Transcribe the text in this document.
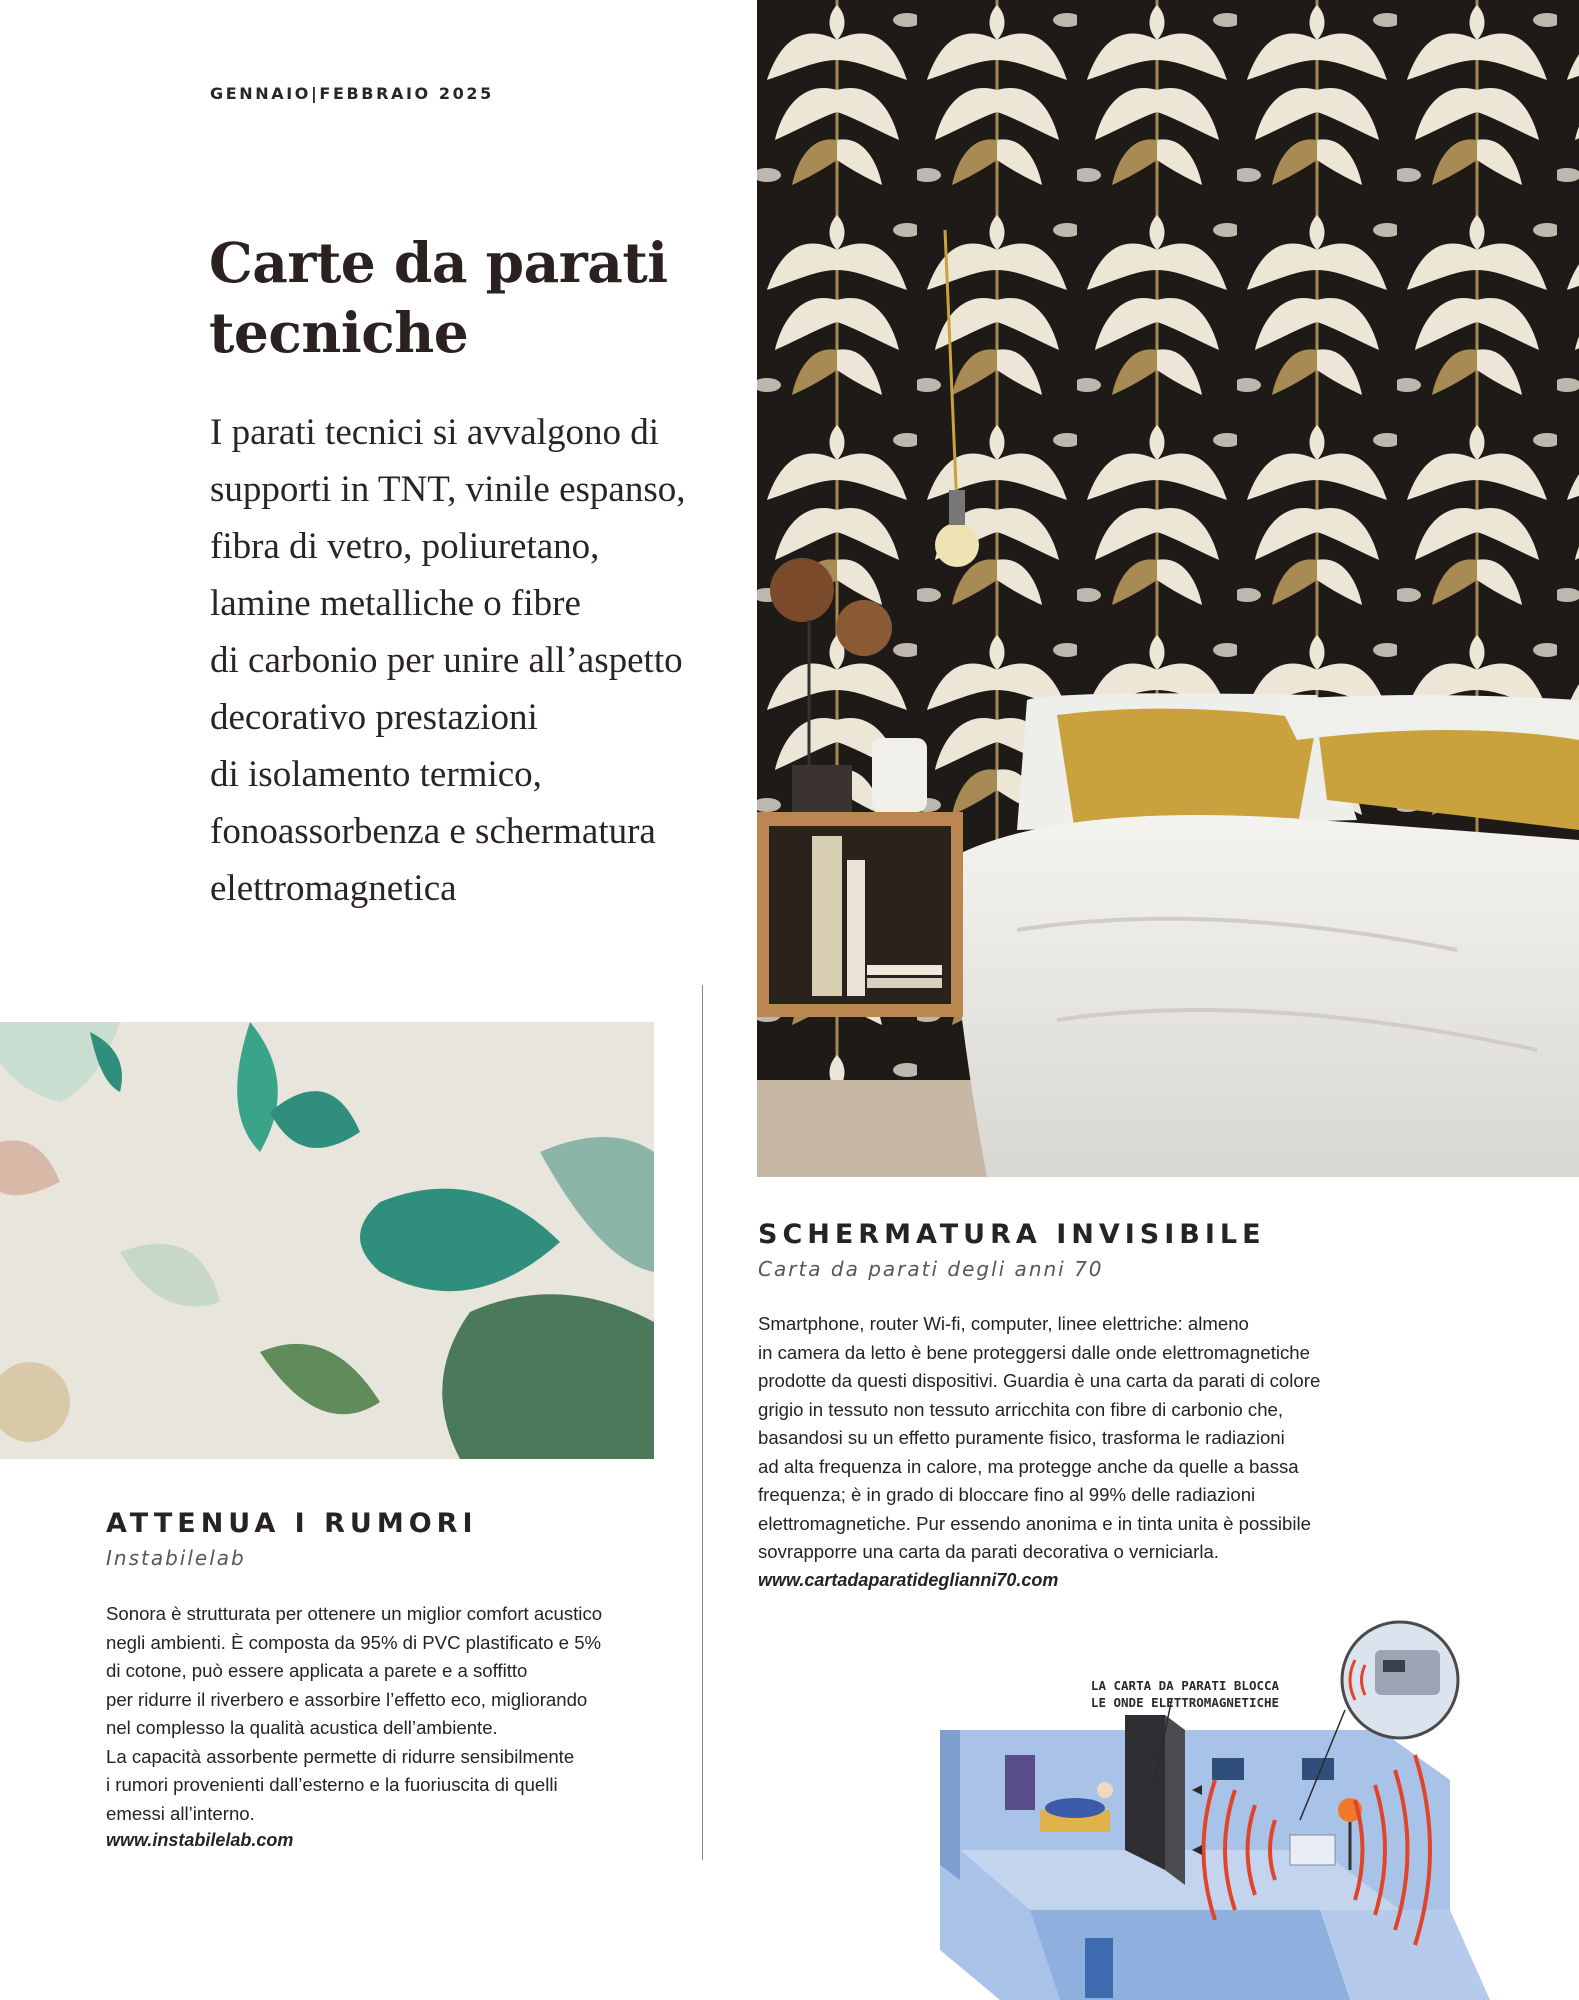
GENNAIO|FEBBRAIO 2025
Carte da parati
tecniche
I parati tecnici si avvalgono di
supporti in TNT, vinile espanso,
fibra di vetro, poliuretano,
lamine metalliche o fibre
di carbonio per unire all’aspetto
decorativo prestazioni
di isolamento termico,
fonoassorbenza e schermatura
elettromagnetica
SCHERMATURA INVISIBILE
Carta da parati degli anni 70

Smartphone, router Wi-fi, computer, linee elettriche: almeno

in camera da letto è bene proteggersi dalle onde elettromagnetiche

prodotte da questi dispositivi. Guardia è una carta da parati di colore

grigio in tessuto non tessuto arricchita con fibre di carbonio che,

basandosi su un effetto puramente fisico, trasforma le radiazioni

ad alta frequenza in calore, ma protegge anche da quelle a bassa

frequenza; è in grado di bloccare fino al 99% delle radiazioni

elettromagnetiche. Pur essendo anonima e in tinta unita è possibile

sovrapporre una carta da parati decorativa o verniciarla.

www.cartadaparatideglianni70.com
ATTENUA I RUMORI
Instabilelab

Sonora è strutturata per ottenere un miglior comfort acustico

negli ambienti. È composta da 95% di PVC plastificato e 5%

di cotone, può essere applicata a parete e a soffitto

per ridurre il riverbero e assorbire l’effetto eco, migliorando

nel complesso la qualità acustica dell’ambiente.

La capacità assorbente permette di ridurre sensibilmente

i rumori provenienti dall’esterno e la fuoriuscita di quelli

emessi all’interno.

www.instabilelab.com
LA CARTA DA PARATI BLOCCA
LE ONDE ELETTROMAGNETICHE
